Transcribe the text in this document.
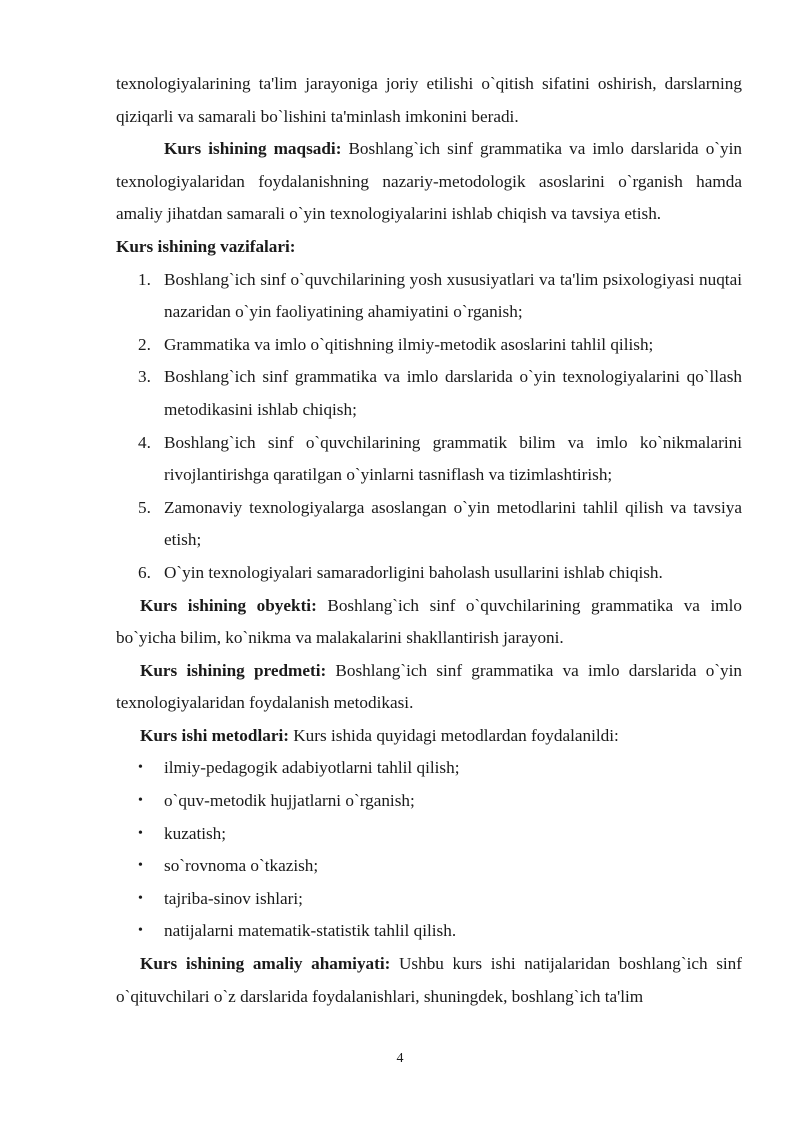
texnologiyalarining ta'lim jarayoniga joriy etilishi o`qitish sifatini oshirish, darslarning qiziqarli va samarali bo`lishini ta'minlash imkonini beradi.

Kurs ishining maqsadi: Boshlang`ich sinf grammatika va imlo darslarida o`yin texnologiyalaridan foydalanishning nazariy-metodologik asoslarini o`rganish hamda amaliy jihatdan samarali o`yin texnologiyalarini ishlab chiqish va tavsiya etish.

Kurs ishining vazifalari:

1. Boshlang`ich sinf o`quvchilarining yosh xususiyatlari va ta'lim psixologiyasi nuqtai nazaridan o`yin faoliyatining ahamiyatini o`rganish;
2. Grammatika va imlo o`qitishning ilmiy-metodik asoslarini tahlil qilish;
3. Boshlang`ich sinf grammatika va imlo darslarida o`yin texnologiyalarini qo`llash metodikasini ishlab chiqish;
4. Boshlang`ich sinf o`quvchilarining grammatik bilim va imlo ko`nikmalarini rivojlantirishga qaratilgan o`yinlarni tasniflash va tizimlashtirish;
5. Zamonaviy texnologiyalarga asoslangan o`yin metodlarini tahlil qilish va tavsiya etish;
6. O`yin texnologiyalari samaradorligini baholash usullarini ishlab chiqish.

Kurs ishining obyekti: Boshlang`ich sinf o`quvchilarining grammatika va imlo bo`yicha bilim, ko`nikma va malakalarini shakllantirish jarayoni.

Kurs ishining predmeti: Boshlang`ich sinf grammatika va imlo darslarida o`yin texnologiyalaridan foydalanish metodikasi.

Kurs ishi metodlari: Kurs ishida quyidagi metodlardan foydalanildi:

• ilmiy-pedagogik adabiyotlarni tahlil qilish;
• o`quv-metodik hujjatlarni o`rganish;
• kuzatish;
• so`rovnoma o`tkazish;
• tajriba-sinov ishlari;
• natijalarni matematik-statistik tahlil qilish.

Kurs ishining amaliy ahamiyati: Ushbu kurs ishi natijalaridan boshlang`ich sinf o`qituvchilari o`z darslarida foydalanishlari, shuningdek, boshlang`ich ta'lim

4
